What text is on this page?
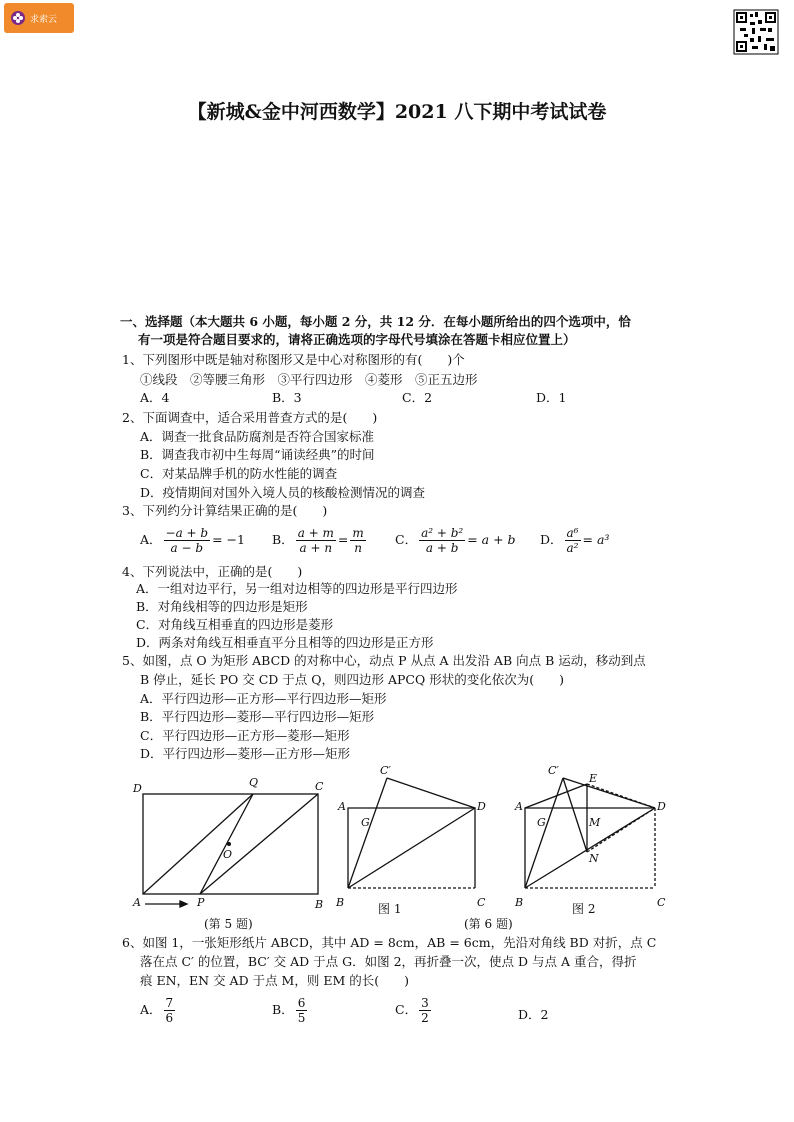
求索云
【新城&金中河西数学】2021 八下期中考试试卷
一、选择题（本大题共 6 小题，每小题 2 分，共 12 分．在每小题所给出的四个选项中，恰
有一项是符合题目要求的，请将正确选项的字母代号填涂在答题卡相应位置上）
1、下列图形中既是轴对称图形又是中心对称图形的有(　　)个
①线段　②等腰三角形　③平行四边形　④菱形　⑤正五边形
A．4	B．3	C．2	D．1
2、下面调查中，适合采用普查方式的是(　　)
A．调查一批食品防腐剂是否符合国家标准
B．调查我市初中生每周“诵读经典”的时间
C．对某品牌手机的防水性能的调查
D．疫情期间对国外入境人员的核酸检测情况的调查
3、下列约分计算结果正确的是(　　)
A． $\frac{-a + b}{a - b} = -1$ B． $\frac{a + m}{a + n} = \frac{m}{n}$ C． $\frac{\text{a² + b²}}{a + b} = a + b$ D． $\frac{\text{a⁶}}{\text{a²}} = a^3$
4、下列说法中，正确的是(　　)
A．一组对边平行，另一组对边相等的四边形是平行四边形
B．对角线相等的四边形是矩形
C．对角线互相垂直的四边形是菱形
D．两条对角线互相垂直平分且相等的四边形是正方形
5、如图，点 O 为矩形 ABCD 的对称中心，动点 P 从点 A 出发沿 AB 向点 B 运动，移动到点
B 停止，延长 PO 交 CD 于点 Q，则四边形 APCQ 形状的变化依次为(　　)
A．平行四边形—正方形—平行四边形—矩形
B．平行四边形—菱形—平行四边形—矩形
C．平行四边形—正方形—菱形—矩形
D．平行四边形—菱形—正方形—矩形
D	Q	C
O
A	P	B
C′
A	D
G
B	C
C′
E
A	D
G	M
N
B	C
(第 5 题)
图 1
(第 6 题)
图 2
6、如图 1，一张矩形纸片 ABCD，其中 AD = 8cm，AB = 6cm，先沿对角线 BD 对折，点 C
落在点 C′ 的位置，BC′ 交 AD 于点 G．如图 2，再折叠一次，使点 D 与点 A 重合，得折
痕 EN，EN 交 AD 于点 M，则 EM 的长(　　)
A． $\frac{7}{6}$	B． $\frac{6}{5}$	C． $\frac{3}{2}$	D．2
